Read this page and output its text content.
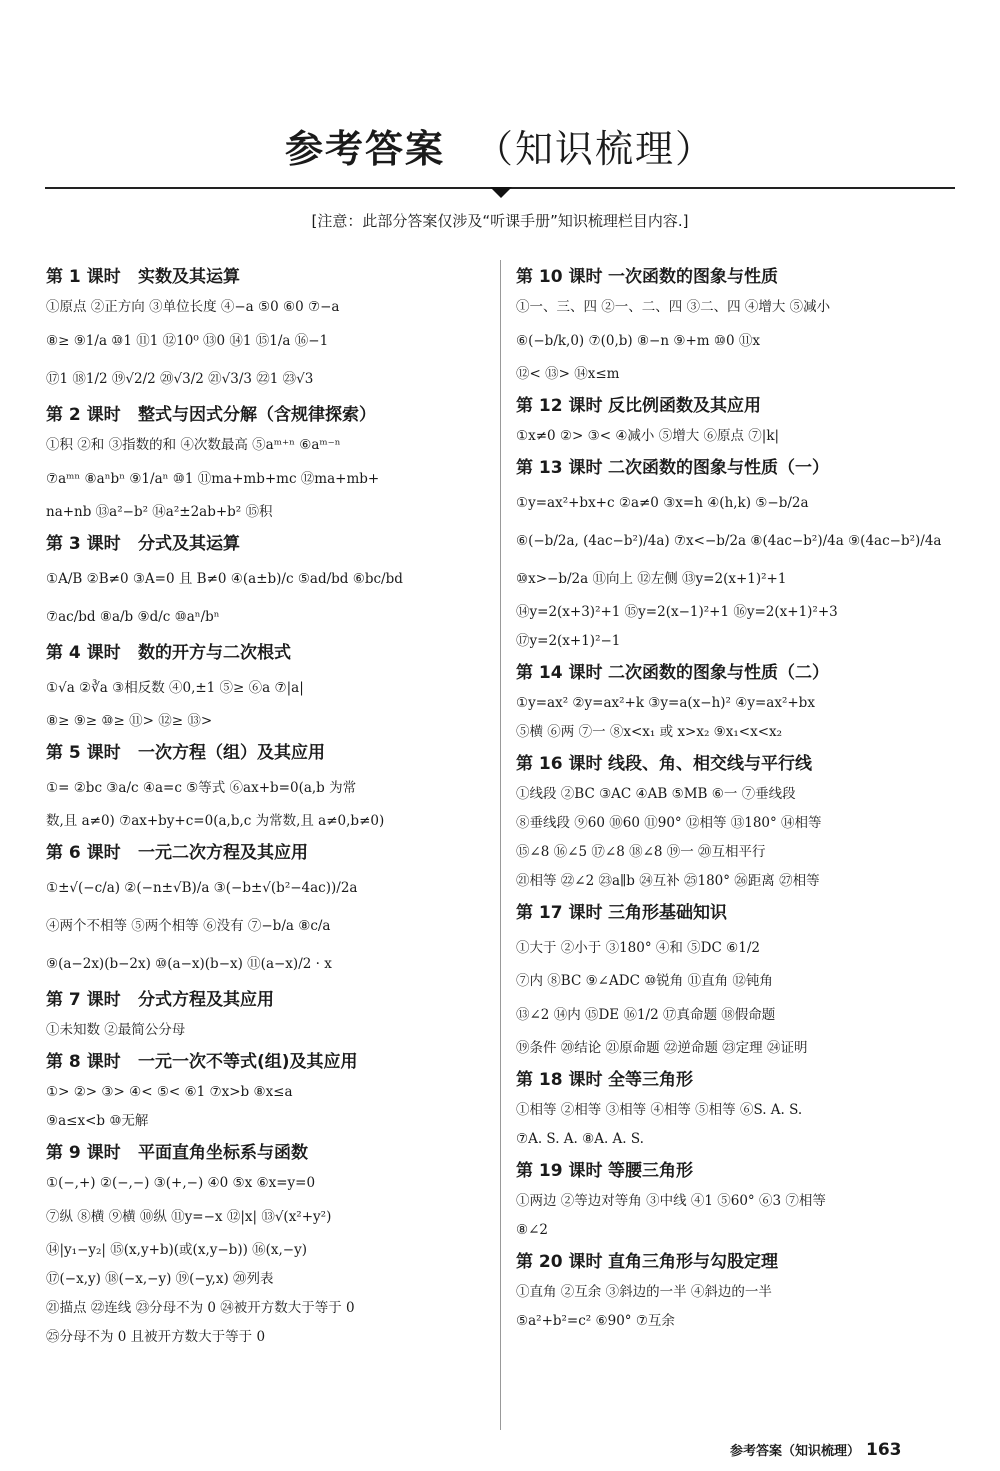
参考答案 （知识梳理）
[注意：此部分答案仅涉及“听课手册”知识梳理栏目内容.]
第 1 课时 实数及其运算
①原点 ②正方向 ③单位长度 ④−a ⑤0 ⑥0 ⑦−a
⑧≥ ⑨1/a ⑩1 ⑪1 ⑫10⁰ ⑬0 ⑭1 ⑮1/a ⑯−1
⑰1 ⑱1/2 ⑲√2/2 ⑳√3/2 ㉑√3/3 ㉒1 ㉓√3
第 2 课时 整式与因式分解（含规律探索）
①积 ②和 ③指数的和 ④次数最高 ⑤aᵐ⁺ⁿ ⑥aᵐ⁻ⁿ
⑦aᵐⁿ ⑧aⁿbⁿ ⑨1/aⁿ ⑩1 ⑪ma+mb+mc ⑫ma+mb+
na+nb ⑬a²−b² ⑭a²±2ab+b² ⑮积
第 3 课时 分式及其运算
①A/B ②B≠0 ③A=0 且 B≠0 ④(a±b)/c ⑤ad/bd ⑥bc/bd
⑦ac/bd ⑧a/b ⑨d/c ⑩aⁿ/bⁿ
第 4 课时 数的开方与二次根式
①√a ②∛a ③相反数 ④0,±1 ⑤≥ ⑥a ⑦|a|
⑧≥ ⑨≥ ⑩≥ ⑪> ⑫≥ ⑬>
第 5 课时 一次方程（组）及其应用
①= ②bc ③a/c ④a=c ⑤等式 ⑥ax+b=0(a,b 为常
数,且 a≠0) ⑦ax+by+c=0(a,b,c 为常数,且 a≠0,b≠0)
第 6 课时 一元二次方程及其应用
①±√(−c/a) ②(−n±√B)/a ③(−b±√(b²−4ac))/2a
④两个不相等 ⑤两个相等 ⑥没有 ⑦−b/a ⑧c/a
⑨(a−2x)(b−2x) ⑩(a−x)(b−x) ⑪(a−x)/2 · x
第 7 课时 分式方程及其应用
①未知数 ②最简公分母
第 8 课时 一元一次不等式(组)及其应用
①> ②> ③> ④< ⑤< ⑥1 ⑦x>b ⑧x≤a
⑨a≤x<b ⑩无解
第 9 课时 平面直角坐标系与函数
①(−,+) ②(−,−) ③(+,−) ④0 ⑤x ⑥x=y=0
⑦纵 ⑧横 ⑨横 ⑩纵 ⑪y=−x ⑫|x| ⑬√(x²+y²)
⑭|y₁−y₂| ⑮(x,y+b)(或(x,y−b)) ⑯(x,−y)
⑰(−x,y) ⑱(−x,−y) ⑲(−y,x) ⑳列表
㉑描点 ㉒连线 ㉓分母不为 0 ㉔被开方数大于等于 0
㉕分母不为 0 且被开方数大于等于 0
第 10 课时 一次函数的图象与性质
①一、三、四 ②一、二、四 ③二、四 ④增大 ⑤减小
⑥(−b/k,0) ⑦(0,b) ⑧−n ⑨+m ⑩0 ⑪x
⑫< ⑬> ⑭x≤m
第 12 课时 反比例函数及其应用
①x≠0 ②> ③< ④减小 ⑤增大 ⑥原点 ⑦|k|
第 13 课时 二次函数的图象与性质（一）
①y=ax²+bx+c ②a≠0 ③x=h ④(h,k) ⑤−b/2a
⑥(−b/2a, (4ac−b²)/4a) ⑦x<−b/2a ⑧(4ac−b²)/4a ⑨(4ac−b²)/4a
⑩x>−b/2a ⑪向上 ⑫左侧 ⑬y=2(x+1)²+1
⑭y=2(x+3)²+1 ⑮y=2(x−1)²+1 ⑯y=2(x+1)²+3
⑰y=2(x+1)²−1
第 14 课时 二次函数的图象与性质（二）
①y=ax² ②y=ax²+k ③y=a(x−h)² ④y=ax²+bx
⑤横 ⑥两 ⑦一 ⑧x<x₁ 或 x>x₂ ⑨x₁<x<x₂
第 16 课时 线段、角、相交线与平行线
①线段 ②BC ③AC ④AB ⑤MB ⑥一 ⑦垂线段
⑧垂线段 ⑨60 ⑩60 ⑪90° ⑫相等 ⑬180° ⑭相等
⑮∠8 ⑯∠5 ⑰∠8 ⑱∠8 ⑲一 ⑳互相平行
㉑相等 ㉒∠2 ㉓a∥b ㉔互补 ㉕180° ㉖距离 ㉗相等
第 17 课时 三角形基础知识
①大于 ②小于 ③180° ④和 ⑤DC ⑥1/2
⑦内 ⑧BC ⑨∠ADC ⑩锐角 ⑪直角 ⑫钝角
⑬∠2 ⑭内 ⑮DE ⑯1/2 ⑰真命题 ⑱假命题
⑲条件 ⑳结论 ㉑原命题 ㉒逆命题 ㉓定理 ㉔证明
第 18 课时 全等三角形
①相等 ②相等 ③相等 ④相等 ⑤相等 ⑥S. A. S.
⑦A. S. A. ⑧A. A. S.
第 19 课时 等腰三角形
①两边 ②等边对等角 ③中线 ④1 ⑤60° ⑥3 ⑦相等
⑧∠2
第 20 课时 直角三角形与勾股定理
①直角 ②互余 ③斜边的一半 ④斜边的一半
⑤a²+b²=c² ⑥90° ⑦互余
参考答案（知识梳理） 163
